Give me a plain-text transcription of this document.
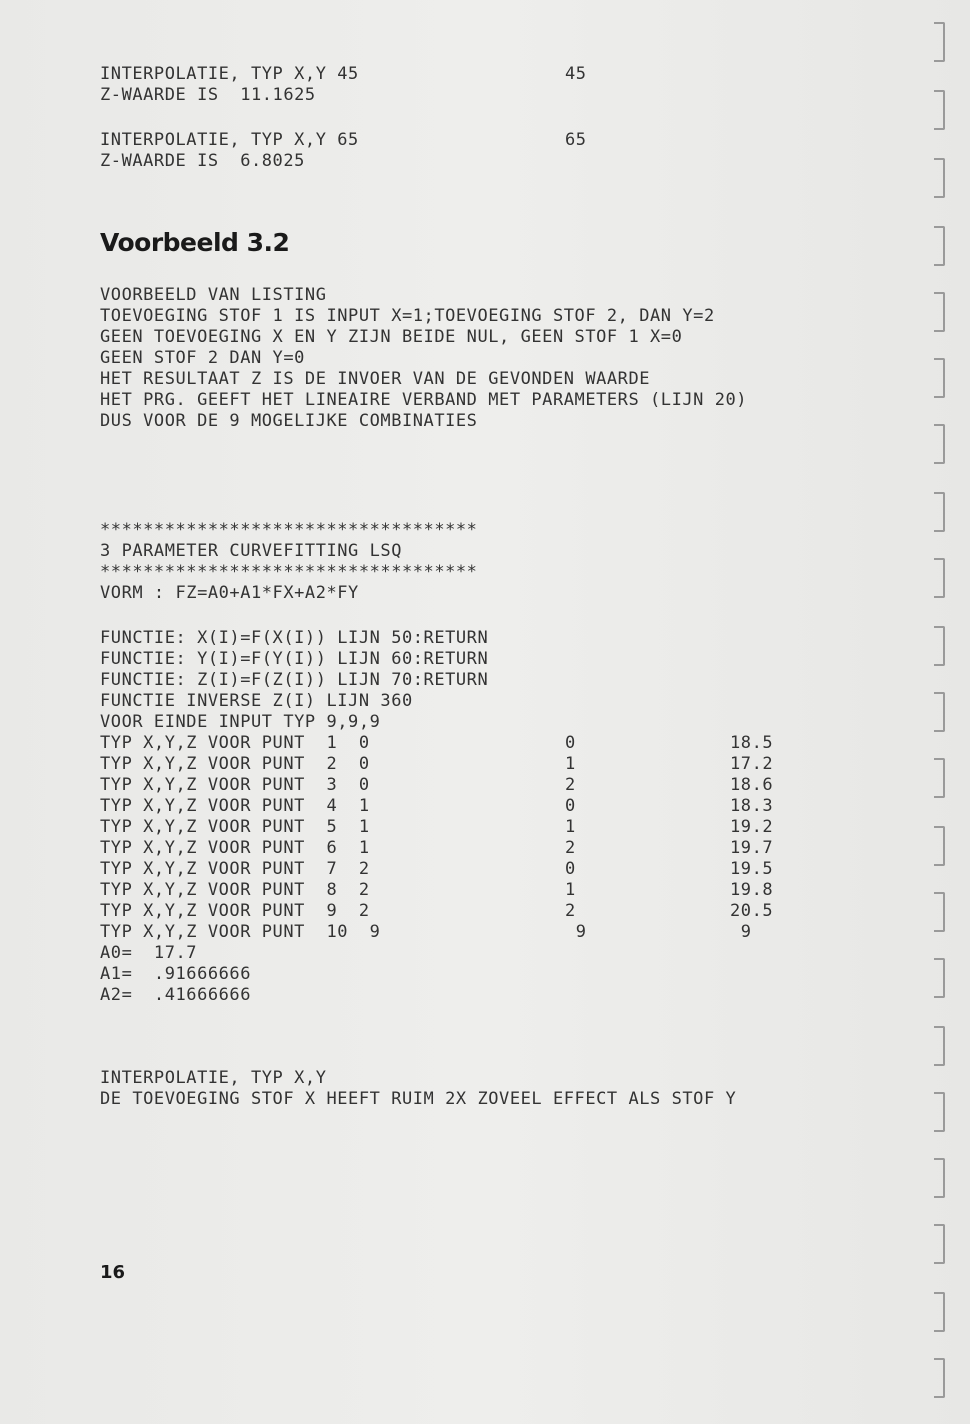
INTERPOLATIE, TYP X,Y 45	45
Z-WAARDE IS  11.1625
INTERPOLATIE, TYP X,Y 65	65
Z-WAARDE IS  6.8025
Voorbeeld 3.2
VOORBEELD VAN LISTING
TOEVOEGING STOF 1 IS INPUT X=1;TOEVOEGING STOF 2, DAN Y=2
GEEN TOEVOEGING X EN Y ZIJN BEIDE NUL, GEEN STOF 1 X=0
GEEN STOF 2 DAN Y=0
HET RESULTAAT Z IS DE INVOER VAN DE GEVONDEN WAARDE
HET PRG. GEEFT HET LINEAIRE VERBAND MET PARAMETERS (LIJN 20)
DUS VOOR DE 9 MOGELIJKE COMBINATIES
***********************************
3 PARAMETER CURVEFITTING LSQ
***********************************
VORM : FZ=A0+A1*FX+A2*FY
FUNCTIE: X(I)=F(X(I)) LIJN 50:RETURN
FUNCTIE: Y(I)=F(Y(I)) LIJN 60:RETURN
FUNCTIE: Z(I)=F(Z(I)) LIJN 70:RETURN
FUNCTIE INVERSE Z(I) LIJN 360
VOOR EINDE INPUT TYP 9,9,9
TYP X,Y,Z VOOR PUNT  1  0	0	18.5
TYP X,Y,Z VOOR PUNT  2  0	1	17.2
TYP X,Y,Z VOOR PUNT  3  0	2	18.6
TYP X,Y,Z VOOR PUNT  4  1	0	18.3
TYP X,Y,Z VOOR PUNT  5  1	1	19.2
TYP X,Y,Z VOOR PUNT  6  1	2	19.7
TYP X,Y,Z VOOR PUNT  7  2	0	19.5
TYP X,Y,Z VOOR PUNT  8  2	1	19.8
TYP X,Y,Z VOOR PUNT  9  2	2	20.5
TYP X,Y,Z VOOR PUNT  10  9	9	9
A0=  17.7
A1=  .91666666
A2=  .41666666
INTERPOLATIE, TYP X,Y
DE TOEVOEGING STOF X HEEFT RUIM 2X ZOVEEL EFFECT ALS STOF Y
16
